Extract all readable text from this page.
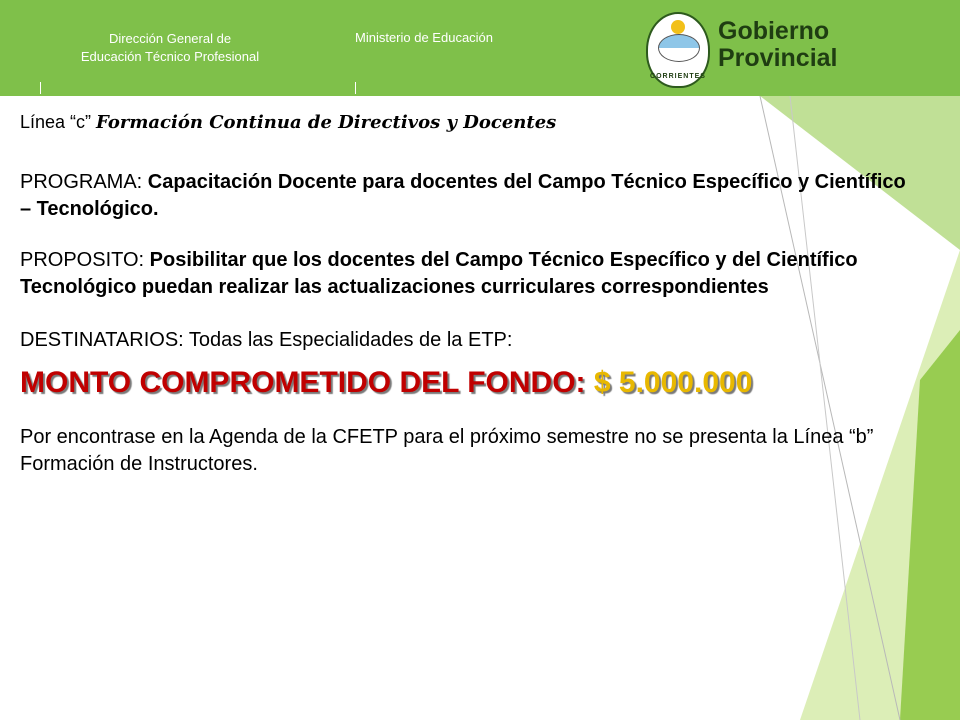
Dirección General de
Educación Técnico Profesional
Ministerio de Educación
CORRIENTES
Gobierno
Provincial

Línea “c” Formación Continua de Directivos y Docentes

PROGRAMA: Capacitación Docente para docentes del Campo Técnico Específico y Científico – Tecnológico.

PROPOSITO: Posibilitar que los docentes del Campo Técnico Específico y del Científico Tecnológico puedan realizar las actualizaciones curriculares correspondientes

DESTINATARIOS: Todas las Especialidades de la ETP:

MONTO COMPROMETIDO DEL FONDO: $ 5.000.000

Por encontrase en la Agenda de la CFETP para el próximo semestre no se presenta la Línea “b” Formación de Instructores.
